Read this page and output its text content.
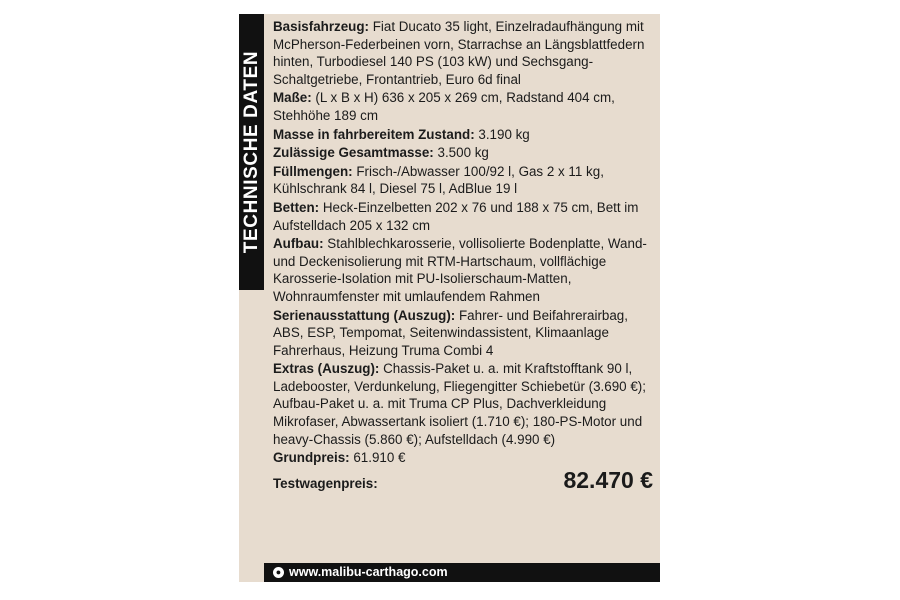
TECHNISCHE DATEN

Basisfahrzeug: Fiat Ducato 35 light, Einzelradaufhängung mit McPherson-Federbeinen vorn, Starrachse an Längsblattfedern hinten, Turbodiesel 140 PS (103 kW) und Sechsgang-Schaltgetriebe, Frontantrieb, Euro 6d final

Maße: (L x B x H) 636 x 205 x 269 cm, Radstand 404 cm, Stehhöhe 189 cm

Masse in fahrbereitem Zustand: 3.190 kg

Zulässige Gesamtmasse: 3.500 kg

Füllmengen: Frisch-/Abwasser 100/92 l, Gas 2 x 11 kg, Kühlschrank 84 l, Diesel 75 l, AdBlue 19 l

Betten: Heck-Einzelbetten 202 x 76 und 188 x 75 cm, Bett im Aufstelldach 205 x 132 cm

Aufbau: Stahlblechkarosserie, vollisolierte Bodenplatte, Wand- und Deckenisolierung mit RTM-Hartschaum, vollflächige Karosserie-Isolation mit PU-Isolierschaum-Matten, Wohnraumfenster mit umlaufendem Rahmen

Serienausstattung (Auszug): Fahrer- und Beifahrerairbag, ABS, ESP, Tempomat, Seitenwindassistent, Klimaanlage Fahrerhaus, Heizung Truma Combi 4

Extras (Auszug): Chassis-Paket u. a. mit Kraftstofftank 90 l, Ladebooster, Verdunkelung, Fliegengitter Schiebetür (3.690 €); Aufbau-Paket u. a. mit Truma CP Plus, Dachverkleidung Mikrofaser, Abwassertank isoliert (1.710 €); 180-PS-Motor und heavy-Chassis (5.860 €); Aufstelldach (4.990 €)

Grundpreis: 61.910 €

Testwagenpreis:	82.470 €
● www.malibu-carthago.com
